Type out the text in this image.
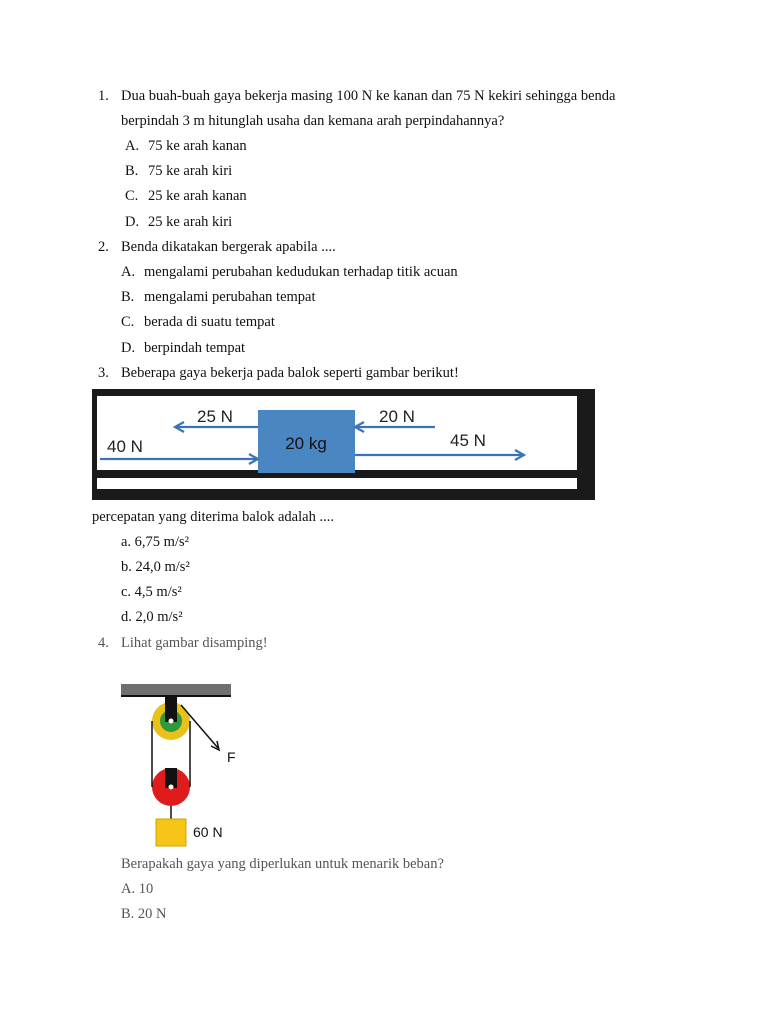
1. Dua buah-buah gaya bekerja masing 100 N ke kanan dan 75 N kekiri sehingga benda
berpindah 3 m hitunglah usaha dan kemana arah perpindahannya?
A. 75 ke arah kanan
B. 75 ke arah kiri
C. 25 ke arah kanan
D. 25 ke arah kiri
2. Benda dikatakan bergerak apabila ....
A. mengalami perubahan kedudukan terhadap titik acuan
B. mengalami perubahan tempat
C. berada di suatu tempat
D. berpindah tempat
3. Beberapa gaya bekerja pada balok seperti gambar berikut!
20 kg
25 N
40 N
20 N
45 N
percepatan yang diterima balok adalah ....
a. 6,75 m/s²
b. 24,0 m/s²
c. 4,5 m/s²
d. 2,0 m/s²
4. Lihat gambar disamping!
F
60 N
Berapakah gaya yang diperlukan untuk menarik beban?
A. 10
B. 20 N
